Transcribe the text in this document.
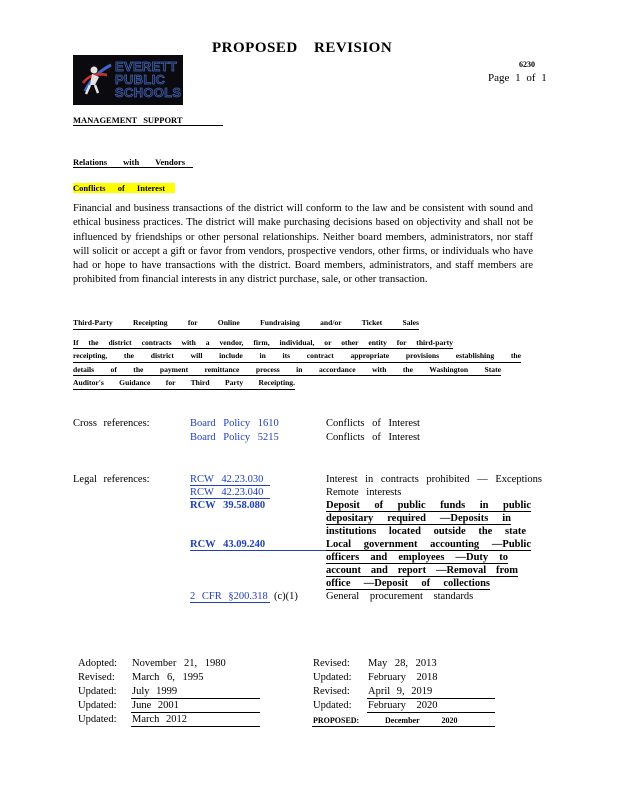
PROPOSED REVISION
EVERETT
PUBLIC
SCHOOLS
6230
Page 1 of 1
MANAGEMENT SUPPORT
Relations with Vendors
Conflicts of Interest
Financial and business transactions of the district will conform to the law and be consistent with sound and ethical business practices. The district will make purchasing decisions based on objectivity and shall not be influenced by friendships or other personal relationships. Neither board members, administrators, nor staff will solicit or accept a gift or favor from vendors, prospective vendors, other firms, or individuals who have had or hope to have transactions with the district. Board members, administrators, and staff members are prohibited from financial interests in any district purchase, sale, or other transaction.
Third-Party Receipting for Online Fundraising and/or Ticket Sales
If the district contracts with a vendor, firm, individual, or other entity for third-party
receipting, the district will include in its contract appropriate provisions establishing the
details of the payment remittance process in accordance with the Washington State
Auditor's Guidance for Third Party Receipting.
Cross references:	Board Policy 1610	Conflicts of Interest
Board Policy 5215	Conflicts of Interest
Legal references:	RCW 42.23.030	Interest in contracts prohibited — Exceptions
RCW 42.23.040	Remote interests
RCW 39.58.080	Deposit of public funds in public
depositary required —Deposits in
institutions located outside the state
RCW 43.09.240	Local government accounting —Public
officers and employees —Duty to
account and report —Removal from
office —Deposit of collections
2 CFR §200.318 (c)(1)	General procurement standards
Adopted: November 21, 1980
Revised: March 6, 1995
Updated: July 1999
Updated: June 2001
Updated: March 2012
Revised: May 28, 2013
Updated: February 2018
Revised: April 9, 2019
Updated: February 2020
PROPOSED:	December 2020
